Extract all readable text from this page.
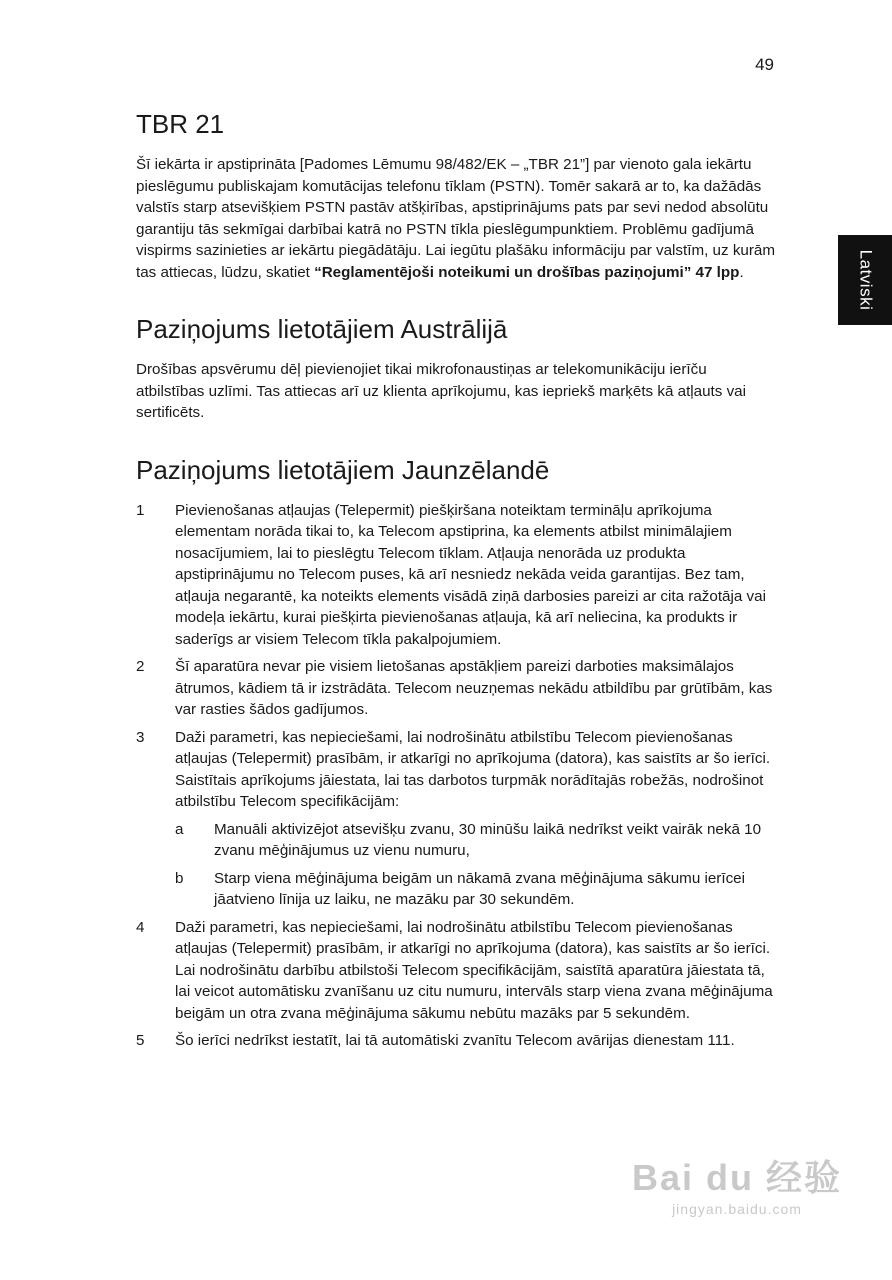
49
Latviski
TBR 21

Šī iekārta ir apstiprināta [Padomes Lēmumu 98/482/EK – „TBR 21”] par vienoto gala iekārtu pieslēgumu publiskajam komutācijas telefonu tīklam (PSTN). Tomēr sakarā ar to, ka dažādās valstīs starp atsevišķiem PSTN pastāv atšķirības, apstiprinājums pats par sevi nedod absolūtu garantiju tās sekmīgai darbībai katrā no PSTN tīkla pieslēgumpunktiem. Problēmu gadījumā vispirms sazinieties ar iekārtu piegādātāju. Lai iegūtu plašāku informāciju par valstīm, uz kurām tas attiecas, lūdzu, skatiet “Reglamentējoši noteikumi un drošības paziņojumi” 47 lpp.

Paziņojums lietotājiem Austrālijā

Drošības apsvērumu dēļ pievienojiet tikai mikrofonaustiņas ar telekomunikāciju ierīču atbilstības uzlīmi. Tas attiecas arī uz klienta aprīkojumu, kas iepriekš marķēts kā atļauts vai sertificēts.

Paziņojums lietotājiem Jaunzēlandē
1 Pievienošanas atļaujas (Telepermit) piešķiršana noteiktam termināļu aprīkojuma elementam norāda tikai to, ka Telecom apstiprina, ka elements atbilst minimālajiem nosacījumiem, lai to pieslēgtu Telecom tīklam. Atļauja nenorāda uz produkta apstiprinājumu no Telecom puses, kā arī nesniedz nekāda veida garantijas. Bez tam, atļauja negarantē, ka noteikts elements visādā ziņā darbosies pareizi ar cita ražotāja vai modeļa iekārtu, kurai piešķirta pievienošanas atļauja, kā arī neliecina, ka produkts ir saderīgs ar visiem Telecom tīkla pakalpojumiem.
2 Šī aparatūra nevar pie visiem lietošanas apstākļiem pareizi darboties maksimālajos ātrumos, kādiem tā ir izstrādāta. Telecom neuzņemas nekādu atbildību par grūtībām, kas var rasties šādos gadījumos.
3 Daži parametri, kas nepieciešami, lai nodrošinātu atbilstību Telecom pievienošanas atļaujas (Telepermit) prasībām, ir atkarīgi no aprīkojuma (datora), kas saistīts ar šo ierīci. Saistītais aprīkojums jāiestata, lai tas darbotos turpmāk norādītajās robežās, nodrošinot atbilstību Telecom specifikācijām:
a Manuāli aktivizējot atsevišķu zvanu, 30 minūšu laikā nedrīkst veikt vairāk nekā 10 zvanu mēģinājumus uz vienu numuru,
b Starp viena mēģinājuma beigām un nākamā zvana mēģinājuma sākumu ierīcei jāatvieno līnija uz laiku, ne mazāku par 30 sekundēm.
4 Daži parametri, kas nepieciešami, lai nodrošinātu atbilstību Telecom pievienošanas atļaujas (Telepermit) prasībām, ir atkarīgi no aprīkojuma (datora), kas saistīts ar šo ierīci. Lai nodrošinātu darbību atbilstoši Telecom specifikācijām, saistītā aparatūra jāiestata tā, lai veicot automātisku zvanīšanu uz citu numuru, intervāls starp viena zvana mēģinājuma beigām un otra zvana mēģinājuma sākumu nebūtu mazāks par 5 sekundēm.
5 Šo ierīci nedrīkst iestatīt, lai tā automātiski zvanītu Telecom avārijas dienestam 111.
Bai du 经验
jingyan.baidu.com
